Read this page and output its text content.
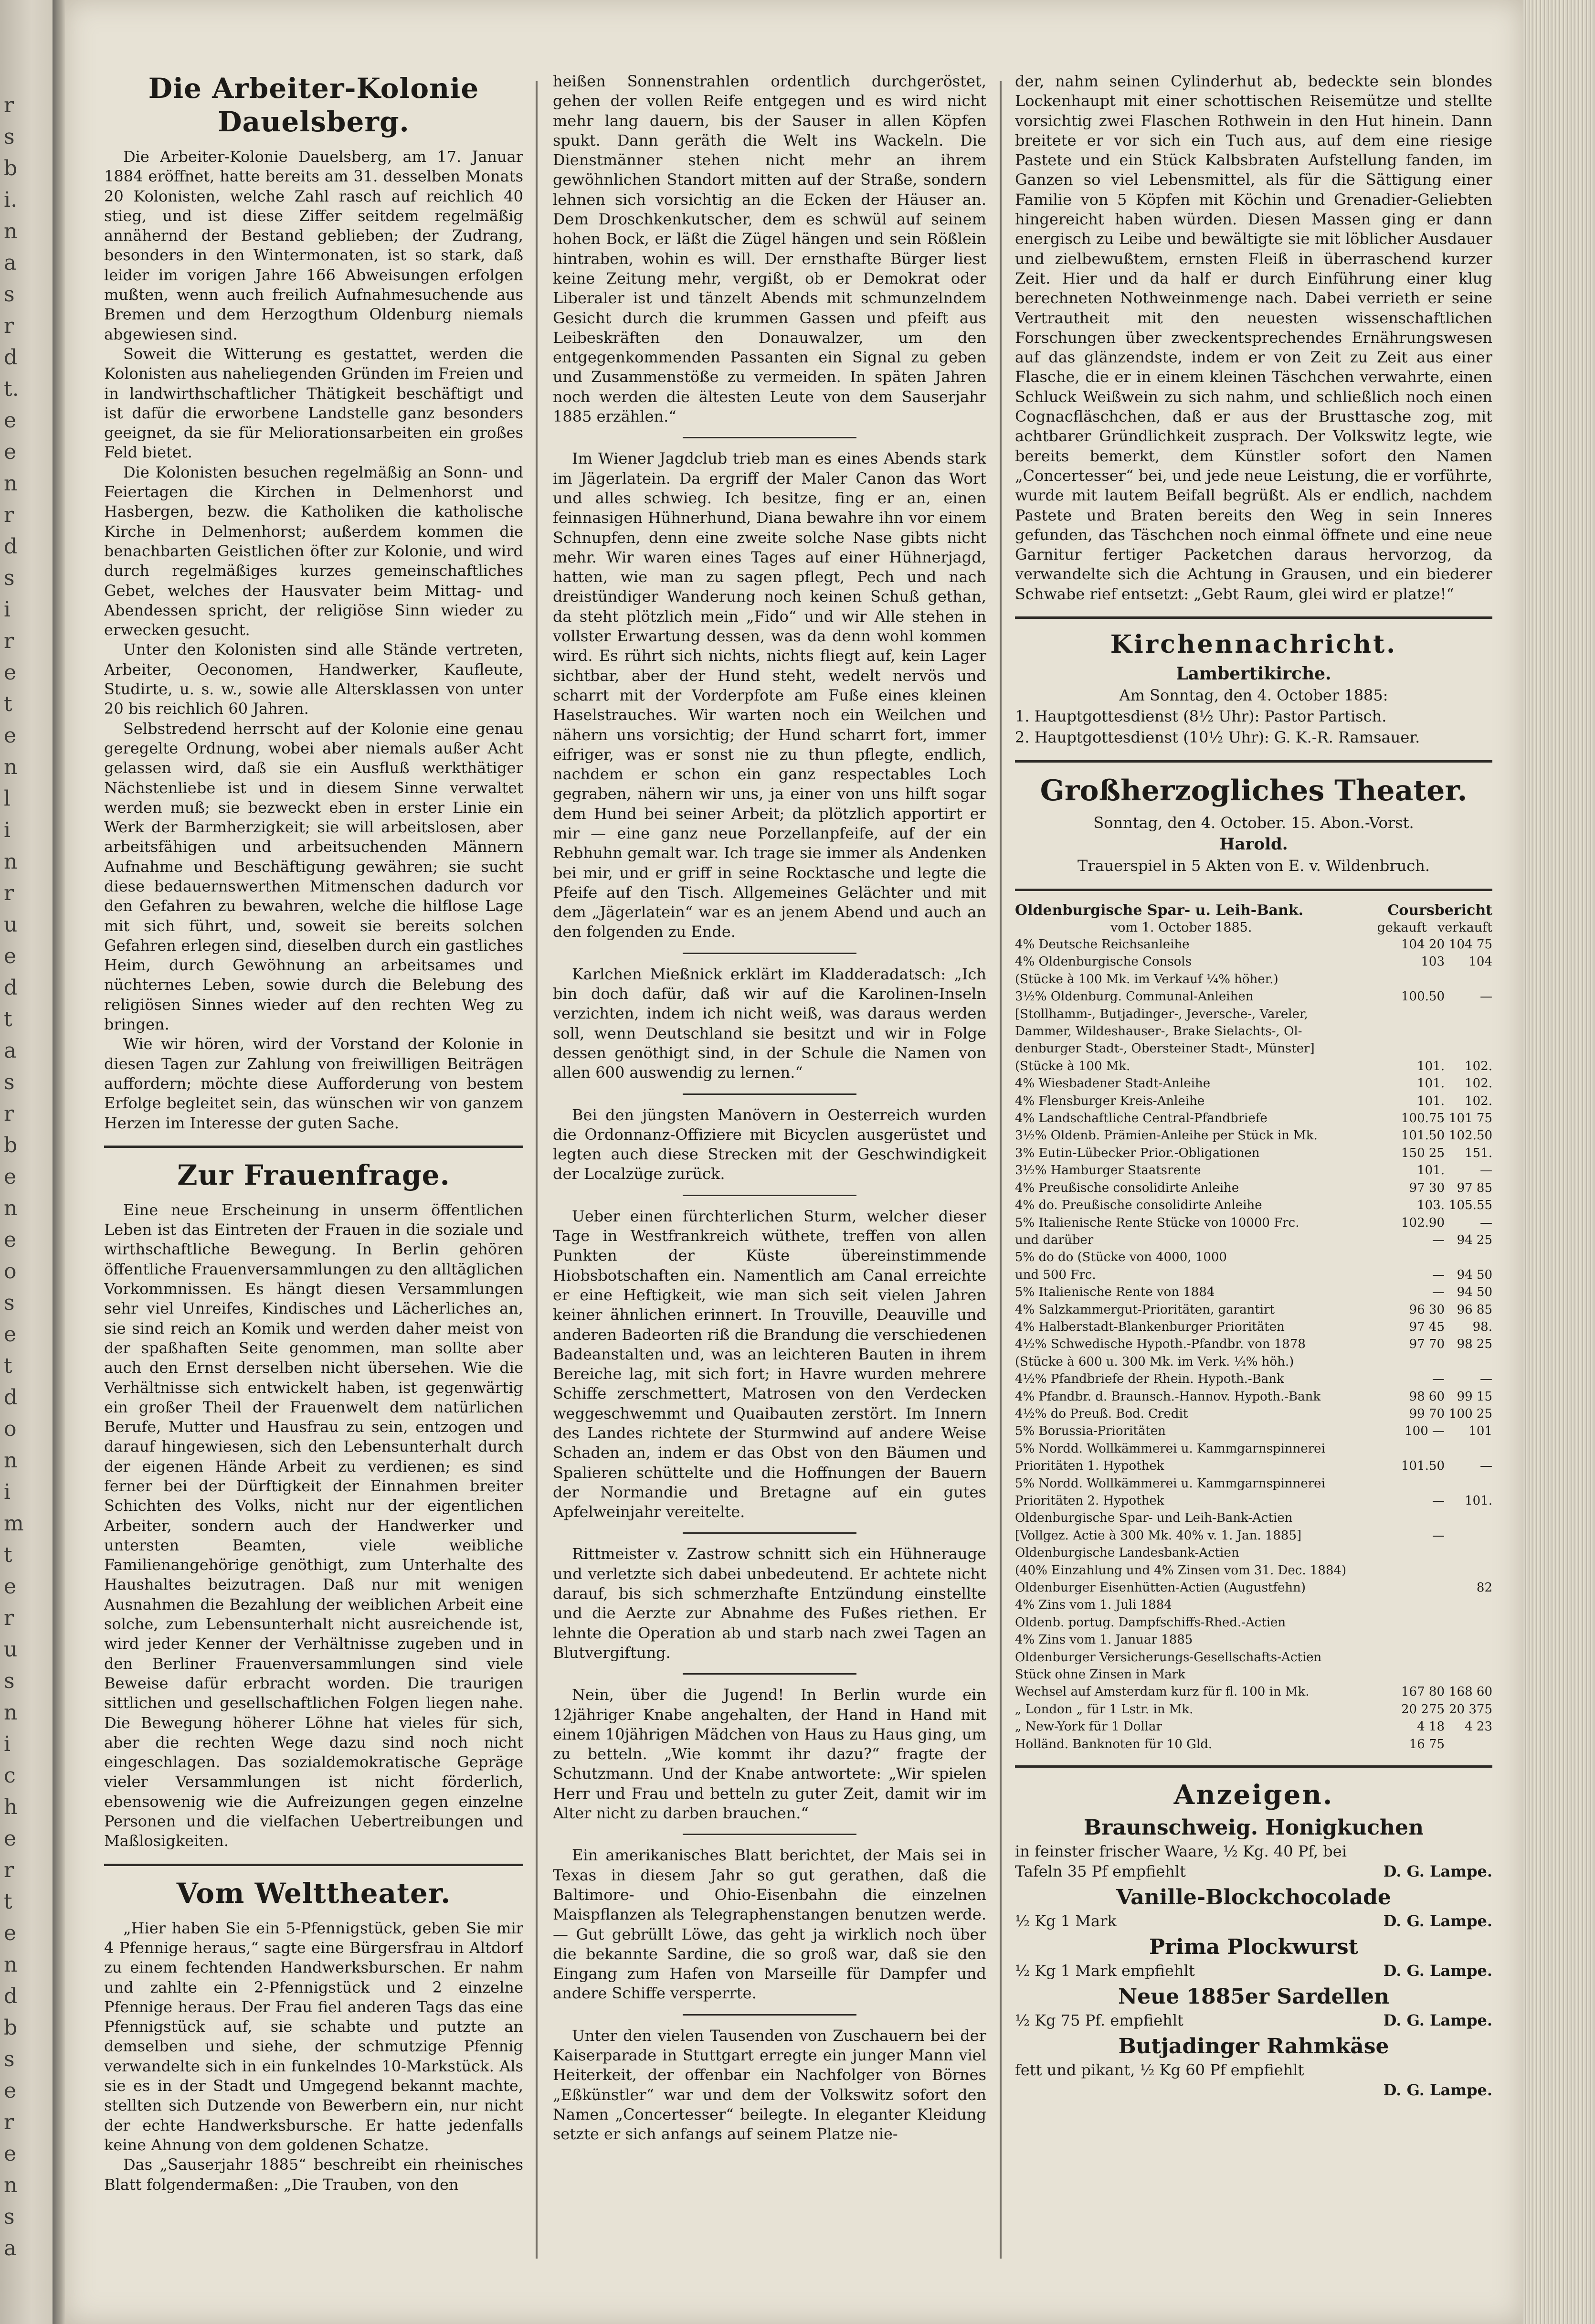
r
s
b
i.
n
a
s
r
d
t.
e
e
n
r
d
s
i
r
e
t
e
n
l
i
n
r
u
e
d
t
a
s
r
b
e
n
e
o
s
e
t
d
o
n
i
m
t
e
r
u
s
n
i
c
h
e
r
t
e
n
d
b
s
e
r
e
n
s
a
Die Arbeiter-Kolonie Dauelsberg.

Die Arbeiter-Kolonie Dauelsberg, am 17. Januar 1884 eröffnet, hatte bereits am 31. desselben Monats 20 Kolonisten, welche Zahl rasch auf reichlich 40 stieg, und ist diese Ziffer seitdem regelmäßig annähernd der Bestand geblieben; der Zudrang, besonders in den Wintermonaten, ist so stark, daß leider im vorigen Jahre 166 Abweisungen erfolgen mußten, wenn auch freilich Aufnahmesuchende aus Bremen und dem Herzogthum Oldenburg niemals abgewiesen sind.

Soweit die Witterung es gestattet, werden die Kolonisten aus naheliegenden Gründen im Freien und in landwirthschaftlicher Thätigkeit beschäftigt und ist dafür die erworbene Landstelle ganz besonders geeignet, da sie für Meliorationsarbeiten ein großes Feld bietet.

Die Kolonisten besuchen regelmäßig an Sonn- und Feiertagen die Kirchen in Delmenhorst und Hasbergen, bezw. die Katholiken die katholische Kirche in Delmenhorst; außerdem kommen die benachbarten Geistlichen öfter zur Kolonie, und wird durch regelmäßiges kurzes gemeinschaftliches Gebet, welches der Hausvater beim Mittag- und Abendessen spricht, der religiöse Sinn wieder zu erwecken gesucht.

Unter den Kolonisten sind alle Stände vertreten, Arbeiter, Oeconomen, Handwerker, Kaufleute, Studirte, u. s. w., sowie alle Altersklassen von unter 20 bis reichlich 60 Jahren.

Selbstredend herrscht auf der Kolonie eine genau geregelte Ordnung, wobei aber niemals außer Acht gelassen wird, daß sie ein Ausfluß werkthätiger Nächstenliebe ist und in diesem Sinne verwaltet werden muß; sie bezweckt eben in erster Linie ein Werk der Barmherzigkeit; sie will arbeitslosen, aber arbeitsfähigen und arbeitsuchenden Männern Aufnahme und Beschäftigung gewähren; sie sucht diese bedauernswerthen Mitmenschen dadurch vor den Gefahren zu bewahren, welche die hilflose Lage mit sich führt, und, soweit sie bereits solchen Gefahren erlegen sind, dieselben durch ein gastliches Heim, durch Gewöhnung an arbeitsames und nüchternes Leben, sowie durch die Belebung des religiösen Sinnes wieder auf den rechten Weg zu bringen.

Wie wir hören, wird der Vorstand der Kolonie in diesen Tagen zur Zahlung von freiwilligen Beiträgen auffordern; möchte diese Aufforderung von bestem Erfolge begleitet sein, das wünschen wir von ganzem Herzen im Interesse der guten Sache.

Zur Frauenfrage.

Eine neue Erscheinung in unserm öffentlichen Leben ist das Eintreten der Frauen in die soziale und wirthschaftliche Bewegung. In Berlin gehören öffentliche Frauenversammlungen zu den alltäglichen Vorkommnissen. Es hängt diesen Versammlungen sehr viel Unreifes, Kindisches und Lächerliches an, sie sind reich an Komik und werden daher meist von der spaßhaften Seite genommen, man sollte aber auch den Ernst derselben nicht übersehen. Wie die Verhältnisse sich entwickelt haben, ist gegenwärtig ein großer Theil der Frauenwelt dem natürlichen Berufe, Mutter und Hausfrau zu sein, entzogen und darauf hingewiesen, sich den Lebensunterhalt durch der eigenen Hände Arbeit zu verdienen; es sind ferner bei der Dürftigkeit der Einnahmen breiter Schichten des Volks, nicht nur der eigentlichen Arbeiter, sondern auch der Handwerker und untersten Beamten, viele weibliche Familienangehörige genöthigt, zum Unterhalte des Haushaltes beizutragen. Daß nur mit wenigen Ausnahmen die Bezahlung der weiblichen Arbeit eine solche, zum Lebensunterhalt nicht ausreichende ist, wird jeder Kenner der Verhältnisse zugeben und in den Berliner Frauenversammlungen sind viele Beweise dafür erbracht worden. Die traurigen sittlichen und gesellschaftlichen Folgen liegen nahe. Die Bewegung höherer Löhne hat vieles für sich, aber die rechten Wege dazu sind noch nicht eingeschlagen. Das sozialdemokratische Gepräge vieler Versammlungen ist nicht förderlich, ebensowenig wie die Aufreizungen gegen einzelne Personen und die vielfachen Uebertreibungen und Maßlosigkeiten.

Vom Welttheater.

„Hier haben Sie ein 5-Pfennigstück, geben Sie mir 4 Pfennige heraus,“ sagte eine Bürgersfrau in Altdorf zu einem fechtenden Handwerksburschen. Er nahm und zahlte ein 2-Pfennigstück und 2 einzelne Pfennige heraus. Der Frau fiel anderen Tags das eine Pfennigstück auf, sie schabte und putzte an demselben und siehe, der schmutzige Pfennig verwandelte sich in ein funkelndes 10-Markstück. Als sie es in der Stadt und Umgegend bekannt machte, stellten sich Dutzende von Bewerbern ein, nur nicht der echte Handwerksbursche. Er hatte jedenfalls keine Ahnung von dem goldenen Schatze.

Das „Sauserjahr 1885“ beschreibt ein rheinisches Blatt folgendermaßen: „Die Trauben, von den

heißen Sonnenstrahlen ordentlich durchgeröstet, gehen der vollen Reife entgegen und es wird nicht mehr lang dauern, bis der Sauser in allen Köpfen spukt. Dann geräth die Welt ins Wackeln. Die Dienstmänner stehen nicht mehr an ihrem gewöhnlichen Standort mitten auf der Straße, sondern lehnen sich vorsichtig an die Ecken der Häuser an. Dem Droschkenkutscher, dem es schwül auf seinem hohen Bock, er läßt die Zügel hängen und sein Rößlein hintraben, wohin es will. Der ernsthafte Bürger liest keine Zeitung mehr, vergißt, ob er Demokrat oder Liberaler ist und tänzelt Abends mit schmunzelndem Gesicht durch die krummen Gassen und pfeift aus Leibeskräften den Donauwalzer, um den entgegenkommenden Passanten ein Signal zu geben und Zusammenstöße zu vermeiden. In späten Jahren noch werden die ältesten Leute von dem Sauserjahr 1885 erzählen.“

Im Wiener Jagdclub trieb man es eines Abends stark im Jägerlatein. Da ergriff der Maler Canon das Wort und alles schwieg. Ich besitze, fing er an, einen feinnasigen Hühnerhund, Diana bewahre ihn vor einem Schnupfen, denn eine zweite solche Nase gibts nicht mehr. Wir waren eines Tages auf einer Hühnerjagd, hatten, wie man zu sagen pflegt, Pech und nach dreistündiger Wanderung noch keinen Schuß gethan, da steht plötzlich mein „Fido“ und wir Alle stehen in vollster Erwartung dessen, was da denn wohl kommen wird. Es rührt sich nichts, nichts fliegt auf, kein Lager sichtbar, aber der Hund steht, wedelt nervös und scharrt mit der Vorderpfote am Fuße eines kleinen Haselstrauches. Wir warten noch ein Weilchen und nähern uns vorsichtig; der Hund scharrt fort, immer eifriger, was er sonst nie zu thun pflegte, endlich, nachdem er schon ein ganz respectables Loch gegraben, nähern wir uns, ja einer von uns hilft sogar dem Hund bei seiner Arbeit; da plötzlich apportirt er mir — eine ganz neue Porzellanpfeife, auf der ein Rebhuhn gemalt war. Ich trage sie immer als Andenken bei mir, und er griff in seine Rocktasche und legte die Pfeife auf den Tisch. Allgemeines Gelächter und mit dem „Jägerlatein“ war es an jenem Abend und auch an den folgenden zu Ende.

Karlchen Mießnick erklärt im Kladderadatsch: „Ich bin doch dafür, daß wir auf die Karolinen-Inseln verzichten, indem ich nicht weiß, was daraus werden soll, wenn Deutschland sie besitzt und wir in Folge dessen genöthigt sind, in der Schule die Namen von allen 600 auswendig zu lernen.“

Bei den jüngsten Manövern in Oesterreich wurden die Ordonnanz-Offiziere mit Bicyclen ausgerüstet und legten auch diese Strecken mit der Geschwindigkeit der Localzüge zurück.

Ueber einen fürchterlichen Sturm, welcher dieser Tage in Westfrankreich wüthete, treffen von allen Punkten der Küste übereinstimmende Hiobsbotschaften ein. Namentlich am Canal erreichte er eine Heftigkeit, wie man sich seit vielen Jahren keiner ähnlichen erinnert. In Trouville, Deauville und anderen Badeorten riß die Brandung die verschiedenen Badeanstalten und, was an leichteren Bauten in ihrem Bereiche lag, mit sich fort; in Havre wurden mehrere Schiffe zerschmettert, Matrosen von den Verdecken weggeschwemmt und Quaibauten zerstört. Im Innern des Landes richtete der Sturmwind auf andere Weise Schaden an, indem er das Obst von den Bäumen und Spalieren schüttelte und die Hoffnungen der Bauern der Normandie und Bretagne auf ein gutes Apfelweinjahr vereitelte.

Rittmeister v. Zastrow schnitt sich ein Hühnerauge und verletzte sich dabei unbedeutend. Er achtete nicht darauf, bis sich schmerzhafte Entzündung einstellte und die Aerzte zur Abnahme des Fußes riethen. Er lehnte die Operation ab und starb nach zwei Tagen an Blutvergiftung.

Nein, über die Jugend! In Berlin wurde ein 12jähriger Knabe angehalten, der Hand in Hand mit einem 10jährigen Mädchen von Haus zu Haus ging, um zu betteln. „Wie kommt ihr dazu?“ fragte der Schutzmann. Und der Knabe antwortete: „Wir spielen Herr und Frau und betteln zu guter Zeit, damit wir im Alter nicht zu darben brauchen.“

Ein amerikanisches Blatt berichtet, der Mais sei in Texas in diesem Jahr so gut gerathen, daß die Baltimore- und Ohio-Eisenbahn die einzelnen Maispflanzen als Telegraphenstangen benutzen werde. — Gut gebrüllt Löwe, das geht ja wirklich noch über die bekannte Sardine, die so groß war, daß sie den Eingang zum Hafen von Marseille für Dampfer und andere Schiffe versperrte.

Unter den vielen Tausenden von Zuschauern bei der Kaiserparade in Stuttgart erregte ein junger Mann viel Heiterkeit, der offenbar ein Nachfolger von Börnes „Eßkünstler“ war und dem der Volkswitz sofort den Namen „Concertesser“ beilegte. In eleganter Kleidung setzte er sich anfangs auf seinem Platze nie-

der, nahm seinen Cylinderhut ab, bedeckte sein blondes Lockenhaupt mit einer schottischen Reisemütze und stellte vorsichtig zwei Flaschen Rothwein in den Hut hinein. Dann breitete er vor sich ein Tuch aus, auf dem eine riesige Pastete und ein Stück Kalbsbraten Aufstellung fanden, im Ganzen so viel Lebensmittel, als für die Sättigung einer Familie von 5 Köpfen mit Köchin und Grenadier-Geliebten hingereicht haben würden. Diesen Massen ging er dann energisch zu Leibe und bewältigte sie mit löblicher Ausdauer und zielbewußtem, ernsten Fleiß in überraschend kurzer Zeit. Hier und da half er durch Einführung einer klug berechneten Nothweinmenge nach. Dabei verrieth er seine Vertrautheit mit den neuesten wissenschaftlichen Forschungen über zweckentsprechendes Ernährungswesen auf das glänzendste, indem er von Zeit zu Zeit aus einer Flasche, die er in einem kleinen Täschchen verwahrte, einen Schluck Weißwein zu sich nahm, und schließlich noch einen Cognacfläschchen, daß er aus der Brusttasche zog, mit achtbarer Gründlichkeit zusprach. Der Volkswitz legte, wie bereits bemerkt, dem Künstler sofort den Namen „Concertesser“ bei, und jede neue Leistung, die er vorführte, wurde mit lautem Beifall begrüßt. Als er endlich, nachdem Pastete und Braten bereits den Weg in sein Inneres gefunden, das Täschchen noch einmal öffnete und eine neue Garnitur fertiger Packetchen daraus hervorzog, da verwandelte sich die Achtung in Grausen, und ein biederer Schwabe rief entsetzt: „Gebt Raum, glei wird er platze!“

Kirchennachricht.

Lambertikirche.

Am Sonntag, den 4. October 1885:

1. Hauptgottesdienst (8½ Uhr): Pastor Partisch.

2. Hauptgottesdienst (10½ Uhr): G. K.-R. Ramsauer.

Großherzogliches Theater.

Sonntag, den 4. October. 15. Abon.-Vorst.

Harold.

Trauerspiel in 5 Akten von E. v. Wildenbruch.

Oldenburgische Spar- u. Leih-Bank.	Coursbericht
vom 1. October 1885.	gekauft verkauft
4% Deutsche Reichsanleihe	104 20 104 75
4% Oldenburgische Consols	103	104
(Stücke à 100 Mk. im Verkauf ¼% höher.)
3½% Oldenburg. Communal-Anleihen	100.50	—
[Stollhamm-, Butjadinger-, Jeversche-, Vareler,
Dammer, Wildeshauser-, Brake Sielachts-, Ol-
denburger Stadt-, Obersteiner Stadt-, Münster]
(Stücke à 100 Mk.	101.	102.
4% Wiesbadener Stadt-Anleihe	101.	102.
4% Flensburger Kreis-Anleihe	101.	102.
4% Landschaftliche Central-Pfandbriefe	100.75 101 75
3½% Oldenb. Prämien-Anleihe per Stück in Mk.	101.50 102.50
3% Eutin-Lübecker Prior.-Obligationen	150 25	151.
3½% Hamburger Staatsrente	101.	—
4% Preußische consolidirte Anleihe	97 30 97 85
4% do. Preußische consolidirte Anleihe	103. 105.55
5% Italienische Rente Stücke von 10000 Frc.	102.90	—
und darüber	— 94 25
5% do do (Stücke von 4000, 1000
und 500 Frc.	— 94 50
5% Italienische Rente von 1884	— 94 50
4% Salzkammergut-Prioritäten, garantirt	96 30 96 85
4% Halberstadt-Blankenburger Prioritäten	97 45	98.
4½% Schwedische Hypoth.-Pfandbr. von 1878	97 70 98 25
(Stücke à 600 u. 300 Mk. im Verk. ¼% höh.)
4½% Pfandbriefe der Rhein. Hypoth.-Bank	—	—
4% Pfandbr. d. Braunsch.-Hannov. Hypoth.-Bank	98 60 99 15
4½% do Preuß. Bod. Credit	99 70 100 25
5% Borussia-Prioritäten	100 —	101
5% Nordd. Wollkämmerei u. Kammgarnspinnerei
Prioritäten 1. Hypothek	101.50	—
5% Nordd. Wollkämmerei u. Kammgarnspinnerei
Prioritäten 2. Hypothek	—	101.
Oldenburgische Spar- und Leih-Bank-Actien
[Vollgez. Actie à 300 Mk. 40% v. 1. Jan. 1885]	—
Oldenburgische Landesbank-Actien
(40% Einzahlung und 4% Zinsen vom 31. Dec. 1884)
Oldenburger Eisenhütten-Actien (Augustfehn)	82
4% Zins vom 1. Juli 1884
Oldenb. portug. Dampfschiffs-Rhed.-Actien
4% Zins vom 1. Januar 1885
Oldenburger Versicherungs-Gesellschafts-Actien
Stück ohne Zinsen in Mark
Wechsel auf Amsterdam kurz für fl. 100 in Mk.	167 80 168 60
„ London „ für 1 Lstr. in Mk.	20 275 20 375
„ New-York für 1 Dollar	4 18	4 23
Holländ. Banknoten für 10 Gld.	16 75
Anzeigen.

Braunschweig. Honigkuchen

in feinster frischer Waare, ½ Kg. 40 Pf, bei

Tafeln 35 Pf empfiehlt	D. G. Lampe.

Vanille-Blockchocolade

½ Kg 1 Mark	D. G. Lampe.

Prima Plockwurst

½ Kg 1 Mark empfiehlt	D. G. Lampe.

Neue 1885er Sardellen

½ Kg 75 Pf. empfiehlt	D. G. Lampe.

Butjadinger Rahmkäse

fett und pikant, ½ Kg 60 Pf empfiehlt

D. G. Lampe.
